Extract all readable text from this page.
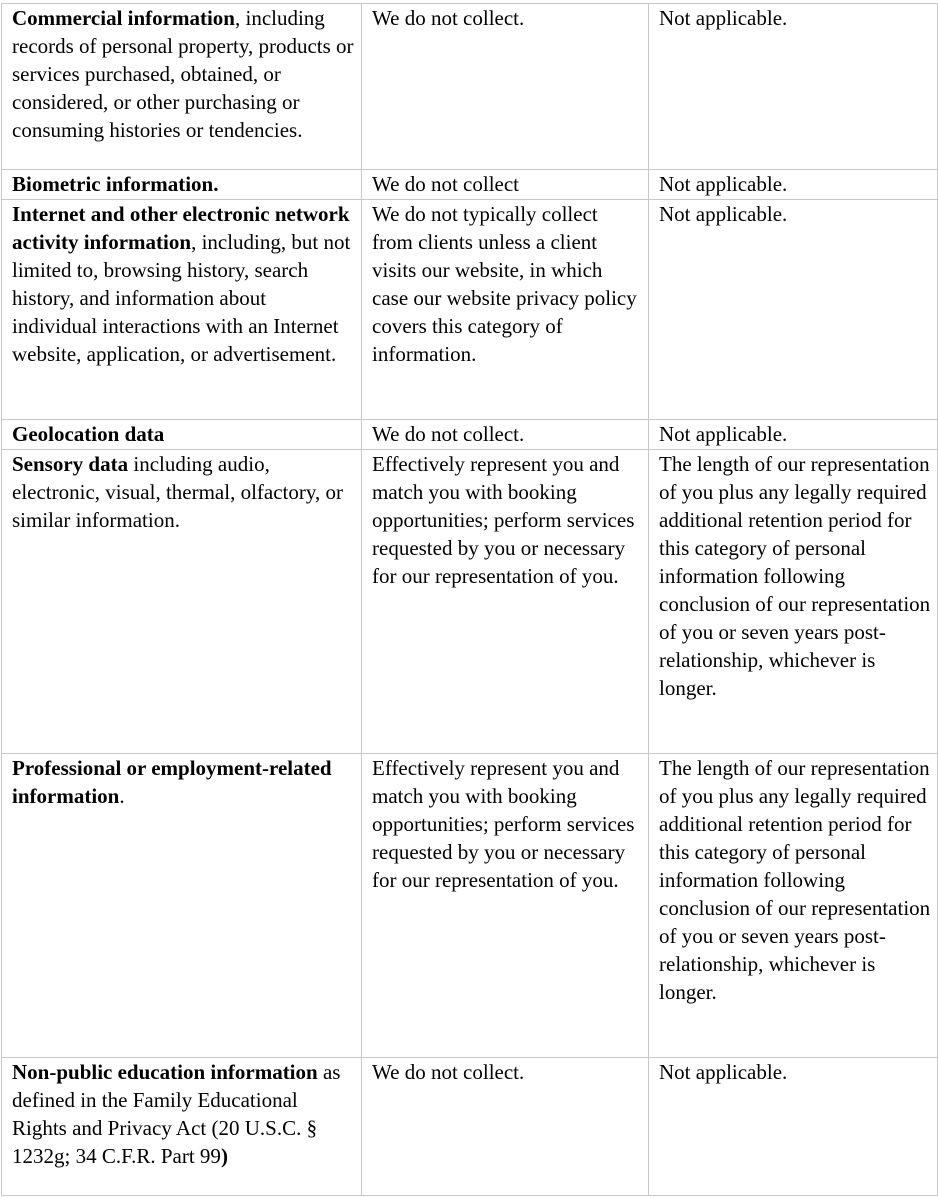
Commercial information, including records of personal property, products or services purchased, obtained, or considered, or other purchasing or consuming histories or tendencies.	We do not collect.	Not applicable.
Biometric information.	We do not collect	Not applicable.
Internet and other electronic network activity information, including, but not limited to, browsing history, search history, and information about individual interactions with an Internet website, application, or advertisement.	We do not typically collect from clients unless a client visits our website, in which case our website privacy policy covers this category of information.	Not applicable.
Geolocation data	We do not collect.	Not applicable.
Sensory data including audio, electronic, visual, thermal, olfactory, or similar information.	Effectively represent you and match you with booking opportunities; perform services requested by you or necessary for our representation of you.	The length of our representation of you plus any legally required additional retention period for this category of personal information following conclusion of our representation of you or seven years post-relationship, whichever is longer.
Professional or employment-related information.	Effectively represent you and match you with booking opportunities; perform services requested by you or necessary for our representation of you.	The length of our representation of you plus any legally required additional retention period for this category of personal information following conclusion of our representation of you or seven years post-relationship, whichever is longer.
Non-public education information as defined in the Family Educational Rights and Privacy Act (20 U.S.C. § 1232g; 34 C.F.R. Part 99)	We do not collect.	Not applicable.
